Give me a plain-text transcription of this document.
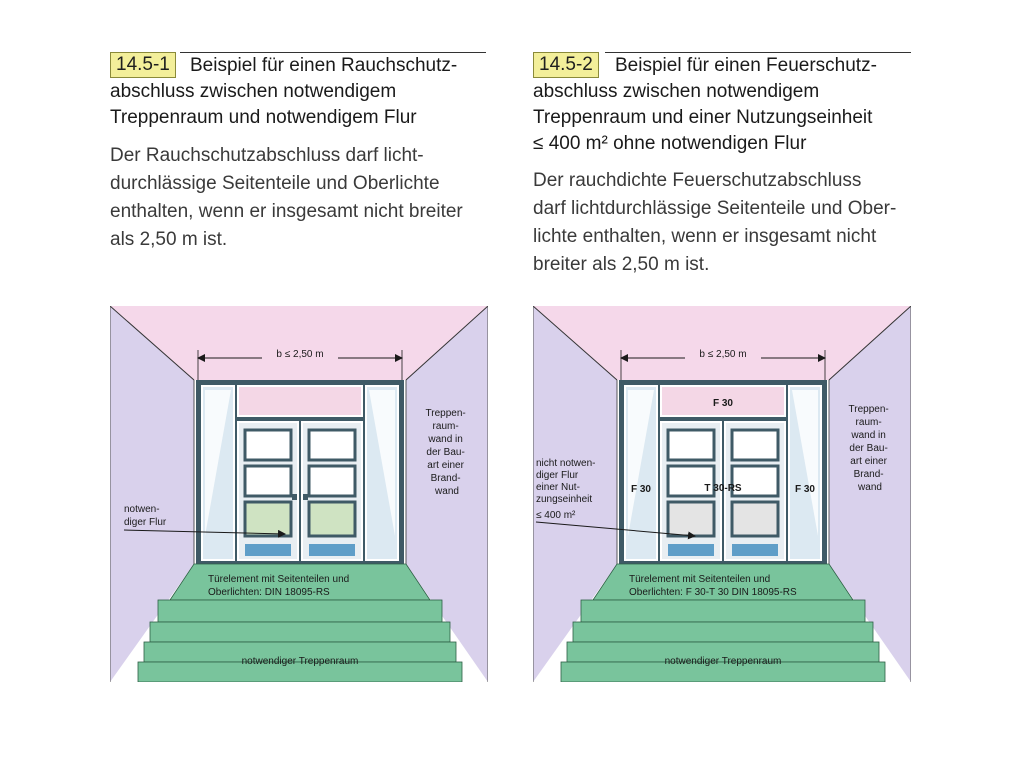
14.5-1	Beispiel für einen Rauchschutz-
abschluss zwischen notwendigem
Treppenraum und notwendigem Flur
Der Rauchschutzabschluss darf licht-
durchlässige Seitenteile und Oberlichte
enthalten, wenn er insgesamt nicht breiter
als 2,50 m ist.
14.5-2	Beispiel für einen Feuerschutz-
abschluss zwischen notwendigem
Treppenraum und einer Nutzungseinheit
≤ 400 m² ohne notwendigen Flur
Der rauchdichte Feuerschutzabschluss
darf lichtdurchlässige Seitenteile und Ober-
lichte enthalten, wenn er insgesamt nicht
breiter als 2,50 m ist.
b ≤ 2,50 m
Treppen- raum- wand in der Bau- art einer Brand- wand
notwen- diger Flur
Türelement mit Seitenteilen und Oberlichten: DIN 18095-RS
notwendiger Treppenraum
b ≤ 2,50 m
F 30
F 30	F 30
T 30-RS
Treppen- raum- wand in der Bau- art einer Brand- wand
nicht notwen- diger Flur einer Nut- zungseinheit ≤ 400 m²
Türelement mit Seitenteilen und Oberlichten: F 30-T 30 DIN 18095-RS
notwendiger Treppenraum
